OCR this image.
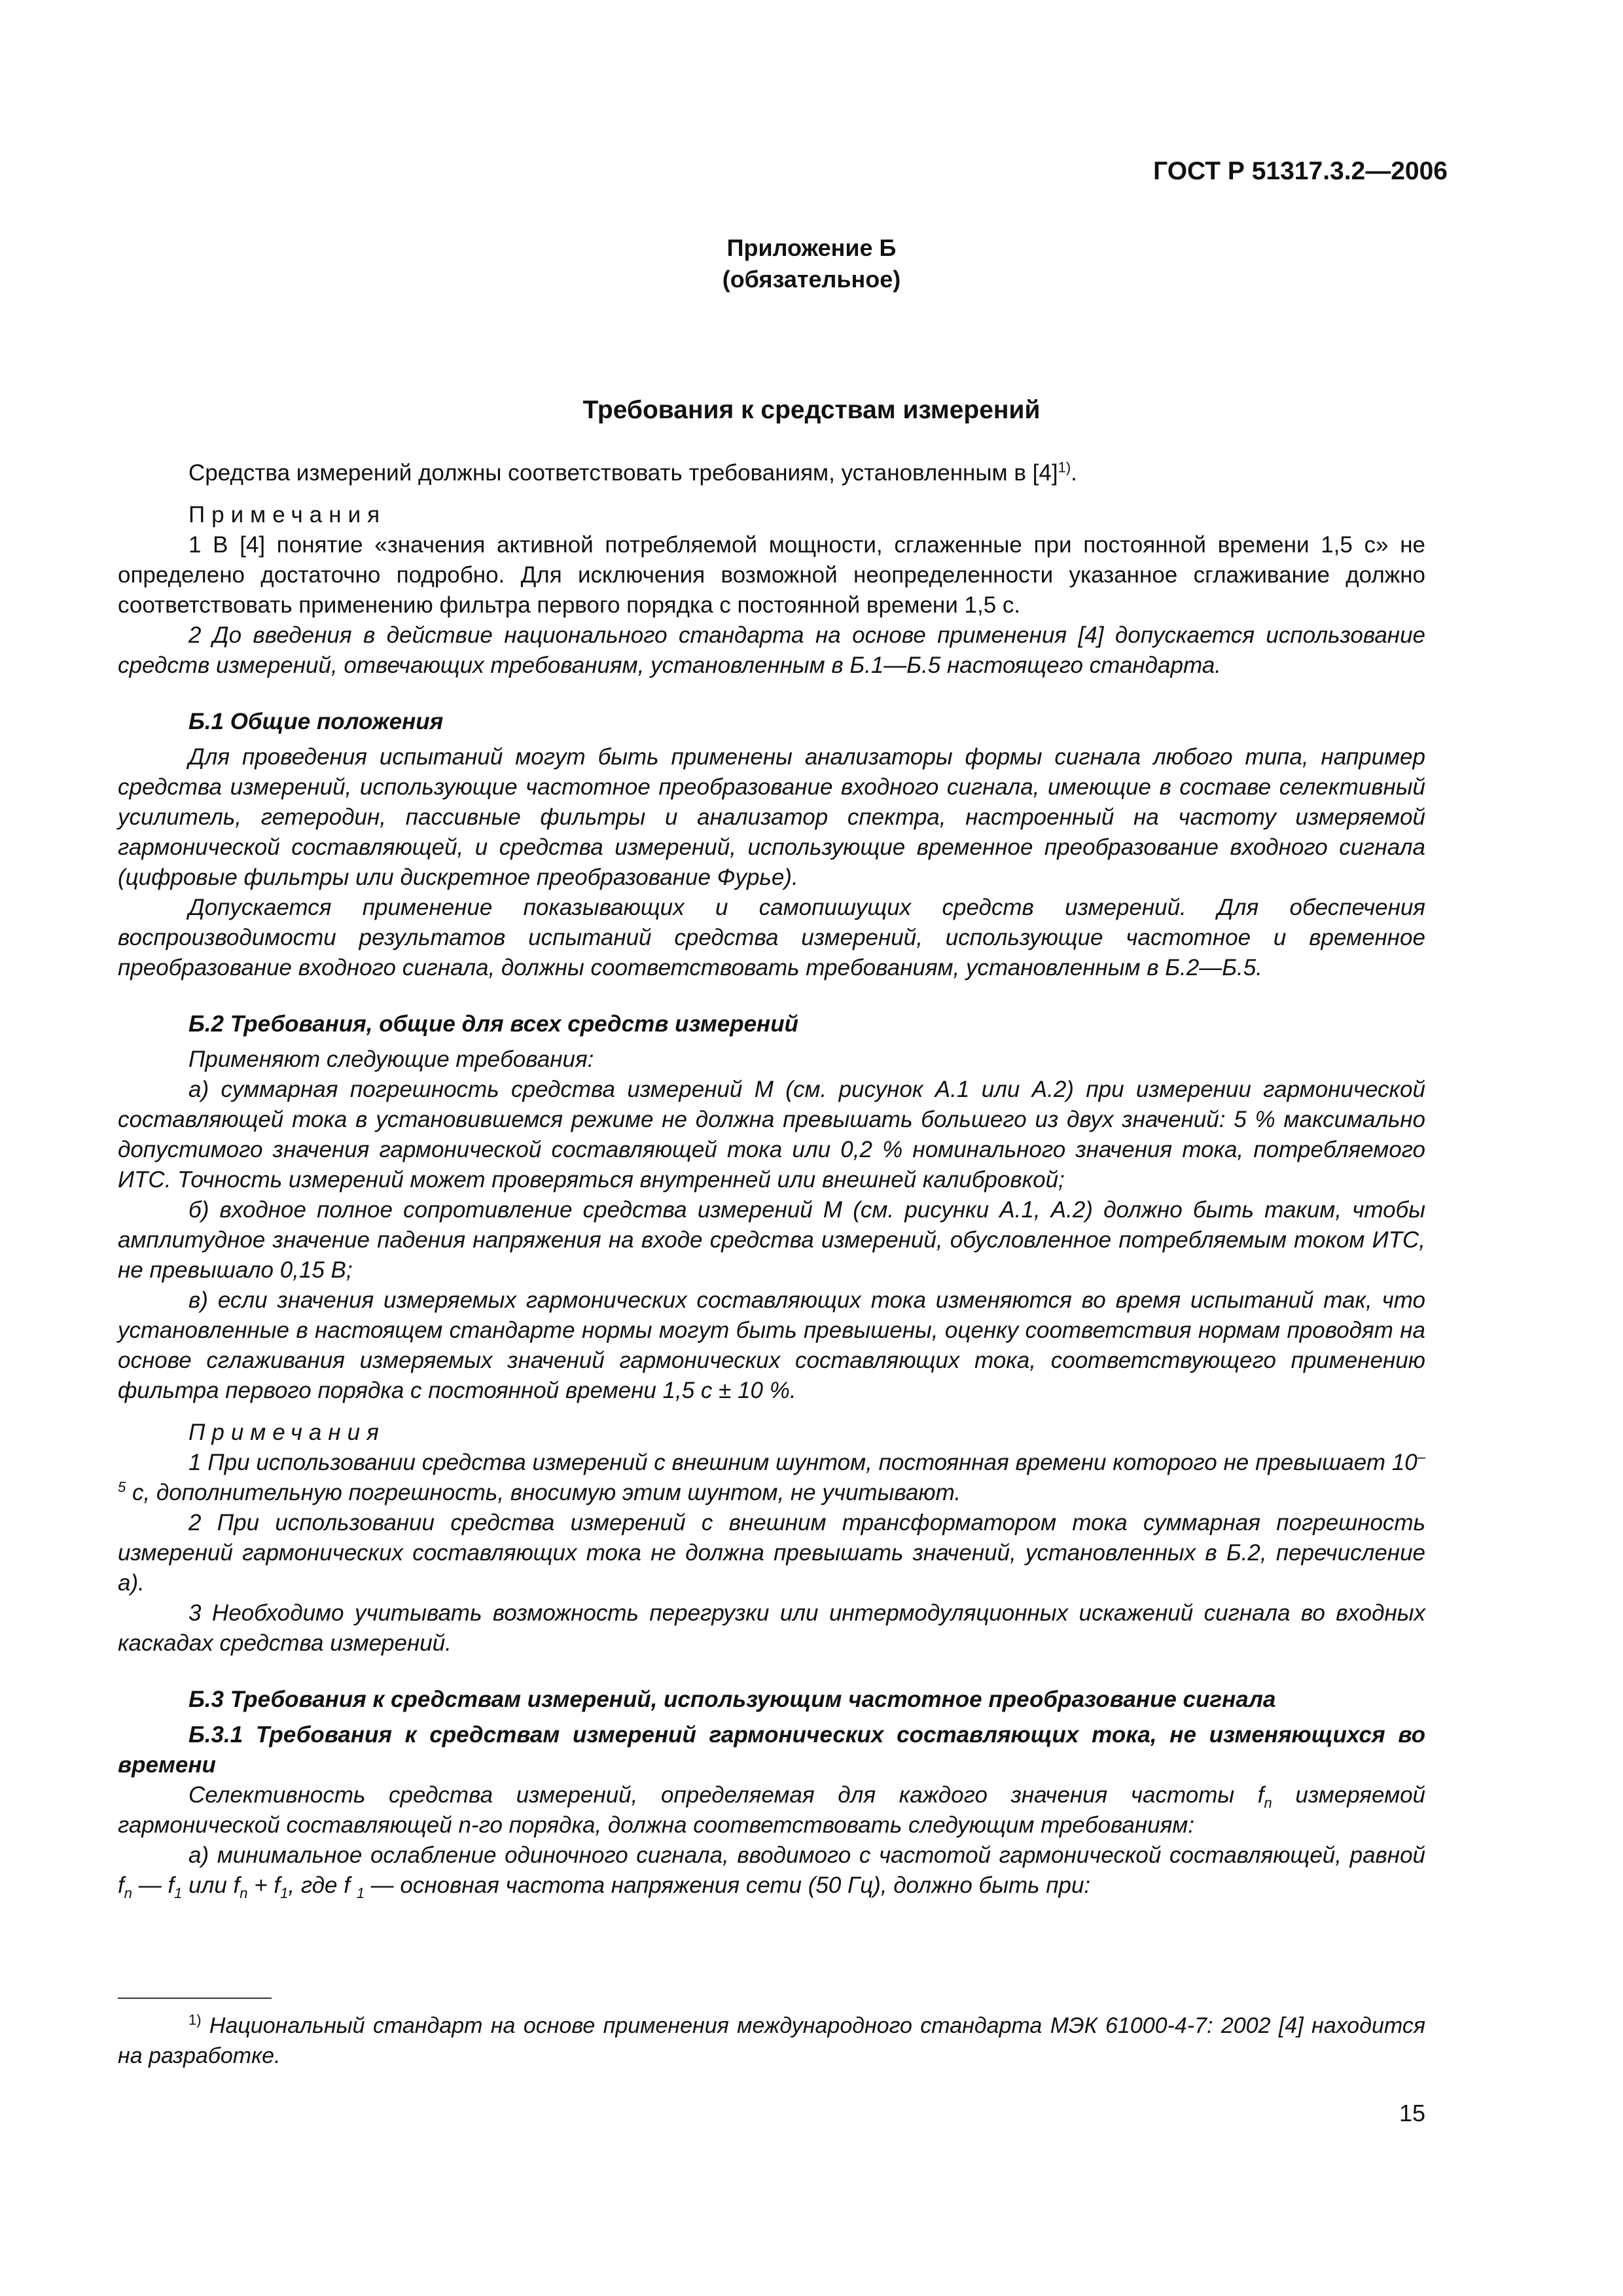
ГОСТ Р 51317.3.2—2006
Приложение Б
(обязательное)
Требования к средствам измерений

Средства измерений должны соответствовать требованиям, установленным в $[4]^{1)}$.

Примечания

1 В [4] понятие «значения активной потребляемой мощности, сглаженные при постоянной времени 1,5 с» не определено достаточно подробно. Для исключения возможной неопределенности указанное сглаживание должно соответствовать применению фильтра первого порядка с постоянной времени 1,5 с.

2 До введения в действие национального стандарта на основе применения [4] допускается использование средств измерений, отвечающих требованиям, установленным в Б.1—Б.5 настоящего стандарта.

Б.1 Общие положения

Для проведения испытаний могут быть применены анализаторы формы сигнала любого типа, например средства измерений, использующие частотное преобразование входного сигнала, имеющие в составе селективный усилитель, гетеродин, пассивные фильтры и анализатор спектра, настроенный на частоту измеряемой гармонической составляющей, и средства измерений, использующие временное преобразование входного сигнала (цифровые фильтры или дискретное преобразование Фурье).

Допускается применение показывающих и самопишущих средств измерений. Для обеспечения воспроизводимости результатов испытаний средства измерений, использующие частотное и временное преобразование входного сигнала, должны соответствовать требованиям, установленным в Б.2—Б.5.

Б.2 Требования, общие для всех средств измерений

Применяют следующие требования:

а) суммарная погрешность средства измерений М (см. рисунок А.1 или А.2) при измерении гармонической составляющей тока в установившемся режиме не должна превышать большего из двух значений: 5 % максимально допустимого значения гармонической составляющей тока или 0,2 % номинального значения тока, потребляемого ИТС. Точность измерений может проверяться внутренней или внешней калибровкой;

б) входное полное сопротивление средства измерений М (см. рисунки А.1, А.2) должно быть таким, чтобы амплитудное значение падения напряжения на входе средства измерений, обусловленное потребляемым током ИТС, не превышало 0,15 В;

в) если значения измеряемых гармонических составляющих тока изменяются во время испытаний так, что установленные в настоящем стандарте нормы могут быть превышены, оценку соответствия нормам проводят на основе сглаживания измеряемых значений гармонических составляющих тока, соответствующего применению фильтра первого порядка с постоянной времени 1,5 с ± 10 %.

Примечания

1 При использовании средства измерений с внешним шунтом, постоянная времени которого не превышает $10^{-5}$ с, дополнительную погрешность, вносимую этим шунтом, не учитывают.

2 При использовании средства измерений с внешним трансформатором тока суммарная погрешность измерений гармонических составляющих тока не должна превышать значений, установленных в Б.2, перечисление а).

3 Необходимо учитывать возможность перегрузки или интермодуляционных искажений сигнала во входных каскадах средства измерений.

Б.3 Требования к средствам измерений, использующим частотное преобразование сигнала

Б.3.1 Требования к средствам измерений гармонических составляющих тока, не изменяющихся во времени

Селективность средства измерений, определяемая для каждого значения частоты $f_n$ измеряемой гармонической составляющей n-го порядка, должна соответствовать следующим требованиям:

а) минимальное ослабление одиночного сигнала, вводимого с частотой гармонической составляющей, равной $f_n$ — $f_1$ или $f_n + f_1$, где f $_1$ — основная частота напряжения сети (50 Гц), должно быть при:

$^{1)}$ Национальный стандарт на основе применения международного стандарта МЭК 61000-4-7: 2002 [4] находится на разработке.

15
